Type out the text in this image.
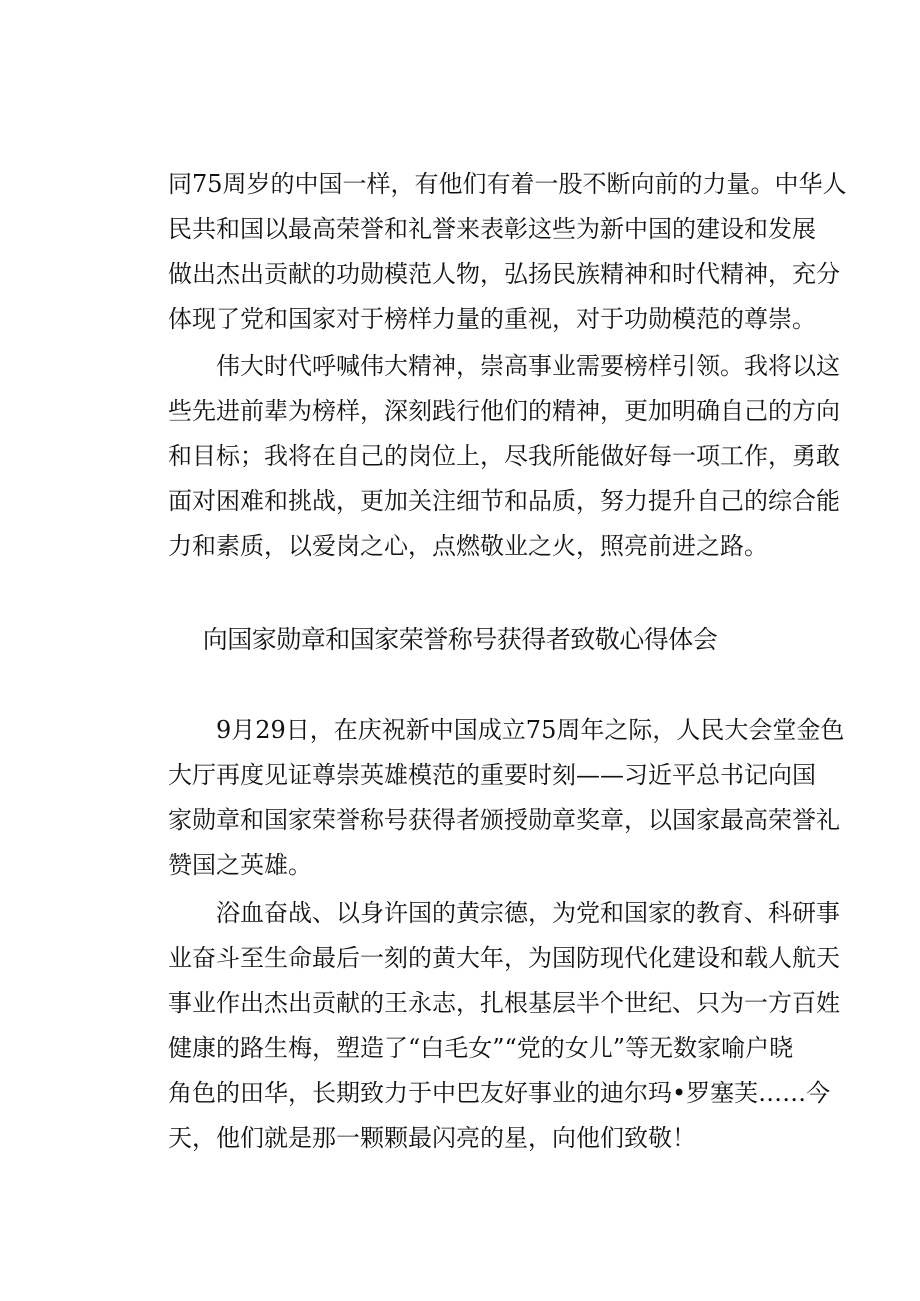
同75周岁的中国一样，有他们有着一股不断向前的力量。中华人
民共和国以最高荣誉和礼誉来表彰这些为新中国的建设和发展
做出杰出贡献的功勋模范人物，弘扬民族精神和时代精神，充分
体现了党和国家对于榜样力量的重视，对于功勋模范的尊崇。
伟大时代呼喊伟大精神，崇高事业需要榜样引领。我将以这
些先进前辈为榜样，深刻践行他们的精神，更加明确自己的方向
和目标；我将在自己的岗位上，尽我所能做好每一项工作，勇敢
面对困难和挑战，更加关注细节和品质，努力提升自己的综合能
力和素质，以爱岗之心，点燃敬业之火，照亮前进之路。
向国家勋章和国家荣誉称号获得者致敬心得体会
9月29日，在庆祝新中国成立75周年之际，人民大会堂金色
大厅再度见证尊崇英雄模范的重要时刻——习近平总书记向国
家勋章和国家荣誉称号获得者颁授勋章奖章，以国家最高荣誉礼
赞国之英雄。
浴血奋战、以身许国的黄宗德，为党和国家的教育、科研事
业奋斗至生命最后一刻的黄大年，为国防现代化建设和载人航天
事业作出杰出贡献的王永志，扎根基层半个世纪、只为一方百姓
健康的路生梅，塑造了“白毛女”“党的女儿”等无数家喻户晓
角色的田华，长期致力于中巴友好事业的迪尔玛•罗塞芙……今
天，他们就是那一颗颗最闪亮的星，向他们致敬！
